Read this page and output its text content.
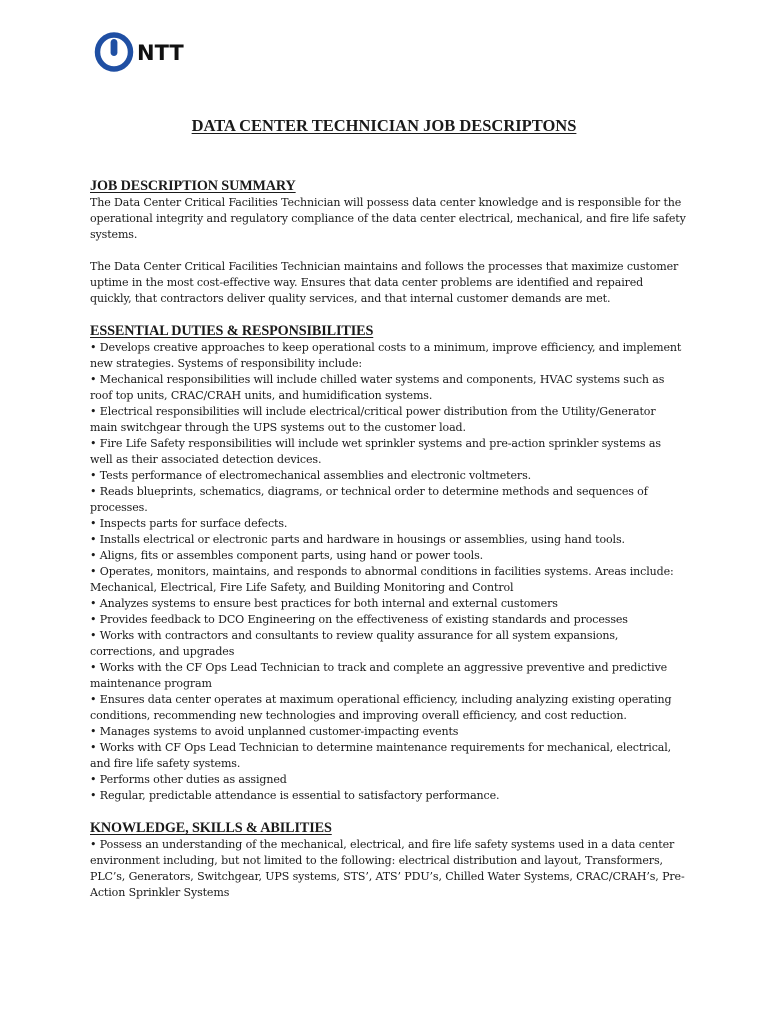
NTT
DATA CENTER TECHNICIAN JOB DESCRIPTONS
JOB DESCRIPTION SUMMARY

The Data Center Critical Facilities Technician will possess data center knowledge and is responsible for the operational integrity and regulatory compliance of the data center electrical, mechanical, and fire life safety systems.

The Data Center Critical Facilities Technician maintains and follows the processes that maximize customer uptime in the most cost-effective way. Ensures that data center problems are identified and repaired quickly, that contractors deliver quality services, and that internal customer demands are met.

ESSENTIAL DUTIES & RESPONSIBILITIES
• Develops creative approaches to keep operational costs to a minimum, improve efficiency, and implement new strategies. Systems of responsibility include:
• Mechanical responsibilities will include chilled water systems and components, HVAC systems such as roof top units, CRAC/CRAH units, and humidification systems.
• Electrical responsibilities will include electrical/critical power distribution from the Utility/Generator main switchgear through the UPS systems out to the customer load.
• Fire Life Safety responsibilities will include wet sprinkler systems and pre-action sprinkler systems as well as their associated detection devices.
• Tests performance of electromechanical assemblies and electronic voltmeters.
• Reads blueprints, schematics, diagrams, or technical order to determine methods and sequences of processes.
• Inspects parts for surface defects.
• Installs electrical or electronic parts and hardware in housings or assemblies, using hand tools.
• Aligns, fits or assembles component parts, using hand or power tools.
• Operates, monitors, maintains, and responds to abnormal conditions in facilities systems. Areas include: Mechanical, Electrical, Fire Life Safety, and Building Monitoring and Control
• Analyzes systems to ensure best practices for both internal and external customers
• Provides feedback to DCO Engineering on the effectiveness of existing standards and processes
• Works with contractors and consultants to review quality assurance for all system expansions, corrections, and upgrades
• Works with the CF Ops Lead Technician to track and complete an aggressive preventive and predictive maintenance program
• Ensures data center operates at maximum operational efficiency, including analyzing existing operating conditions, recommending new technologies and improving overall efficiency, and cost reduction.
• Manages systems to avoid unplanned customer-impacting events
• Works with CF Ops Lead Technician to determine maintenance requirements for mechanical, electrical, and fire life safety systems.
• Performs other duties as assigned
• Regular, predictable attendance is essential to satisfactory performance.
KNOWLEDGE, SKILLS & ABILITIES
• Possess an understanding of the mechanical, electrical, and fire life safety systems used in a data center environment including, but not limited to the following: electrical distribution and layout, Transformers, PLC’s, Generators, Switchgear, UPS systems, STS’, ATS’ PDU’s, Chilled Water Systems, CRAC/CRAH’s, Pre-Action Sprinkler Systems
